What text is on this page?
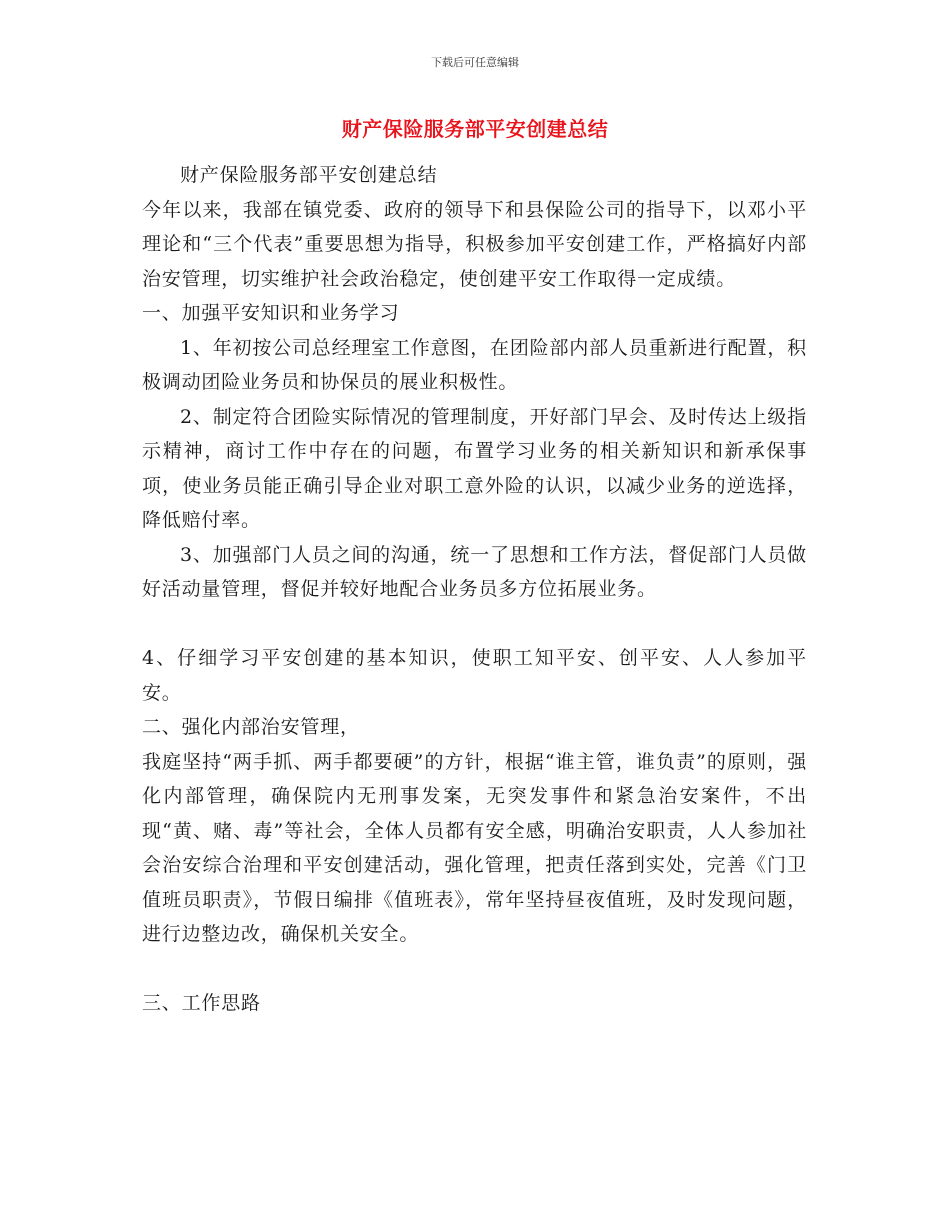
下载后可任意编辑
财产保险服务部平安创建总结

财产保险服务部平安创建总结

今年以来，我部在镇党委、政府的领导下和县保险公司的指导下，以邓小平理论和“三个代表”重要思想为指导，积极参加平安创建工作，严格搞好内部治安管理，切实维护社会政治稳定，使创建平安工作取得一定成绩。

一、加强平安知识和业务学习

1、年初按公司总经理室工作意图，在团险部内部人员重新进行配置，积极调动团险业务员和协保员的展业积极性。

2、制定符合团险实际情况的管理制度，开好部门早会、及时传达上级指示精神，商讨工作中存在的问题，布置学习业务的相关新知识和新承保事项，使业务员能正确引导企业对职工意外险的认识，以减少业务的逆选择，降低赔付率。

3、加强部门人员之间的沟通，统一了思想和工作方法，督促部门人员做好活动量管理，督促并较好地配合业务员多方位拓展业务。

4、仔细学习平安创建的基本知识，使职工知平安、创平安、人人参加平安。

二、强化内部治安管理，

我庭坚持“两手抓、两手都要硬”的方针，根据“谁主管，谁负责”的原则，强化内部管理，确保院内无刑事发案，无突发事件和紧急治安案件，不出现“黄、赌、毒”等社会，全体人员都有安全感，明确治安职责，人人参加社会治安综合治理和平安创建活动，强化管理，把责任落到实处，完善《门卫值班员职责》，节假日编排《值班表》，常年坚持昼夜值班，及时发现问题，进行边整边改，确保机关安全。

三、工作思路
